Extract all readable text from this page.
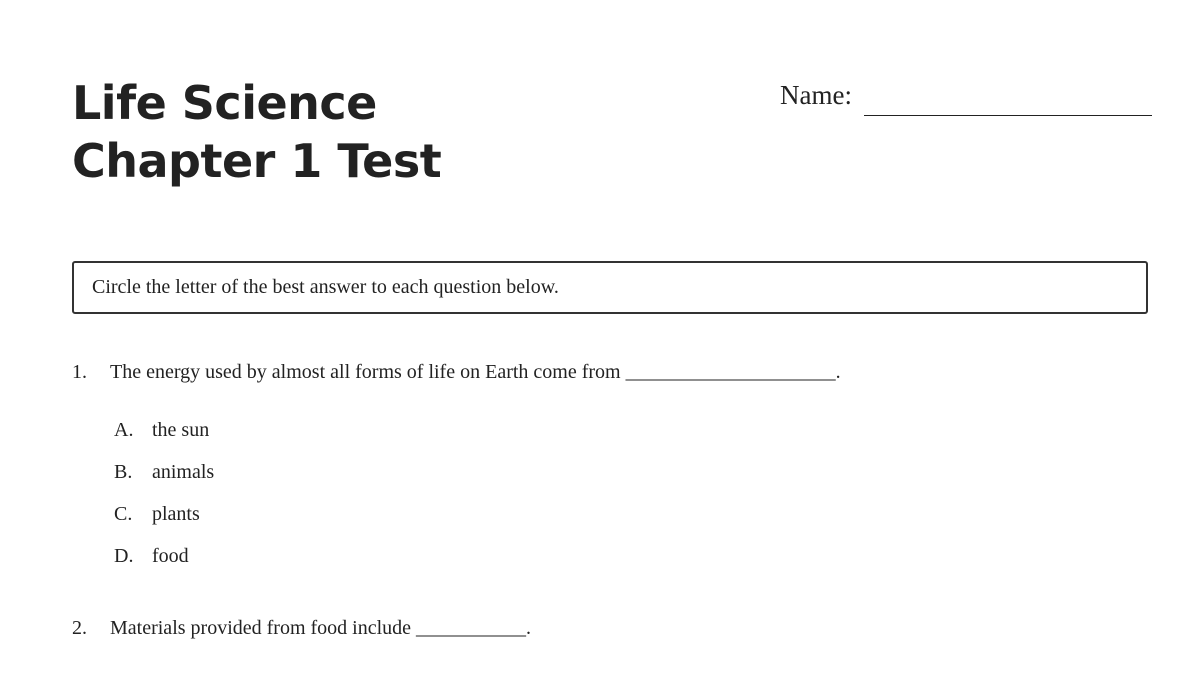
Life Science
Chapter 1 Test
Name:
Circle the letter of the best answer to each question below.
1. The energy used by almost all forms of life on Earth come from _____________________.
A. the sun
B. animals
C. plants
D. food
2. Materials provided from food include ___________.
